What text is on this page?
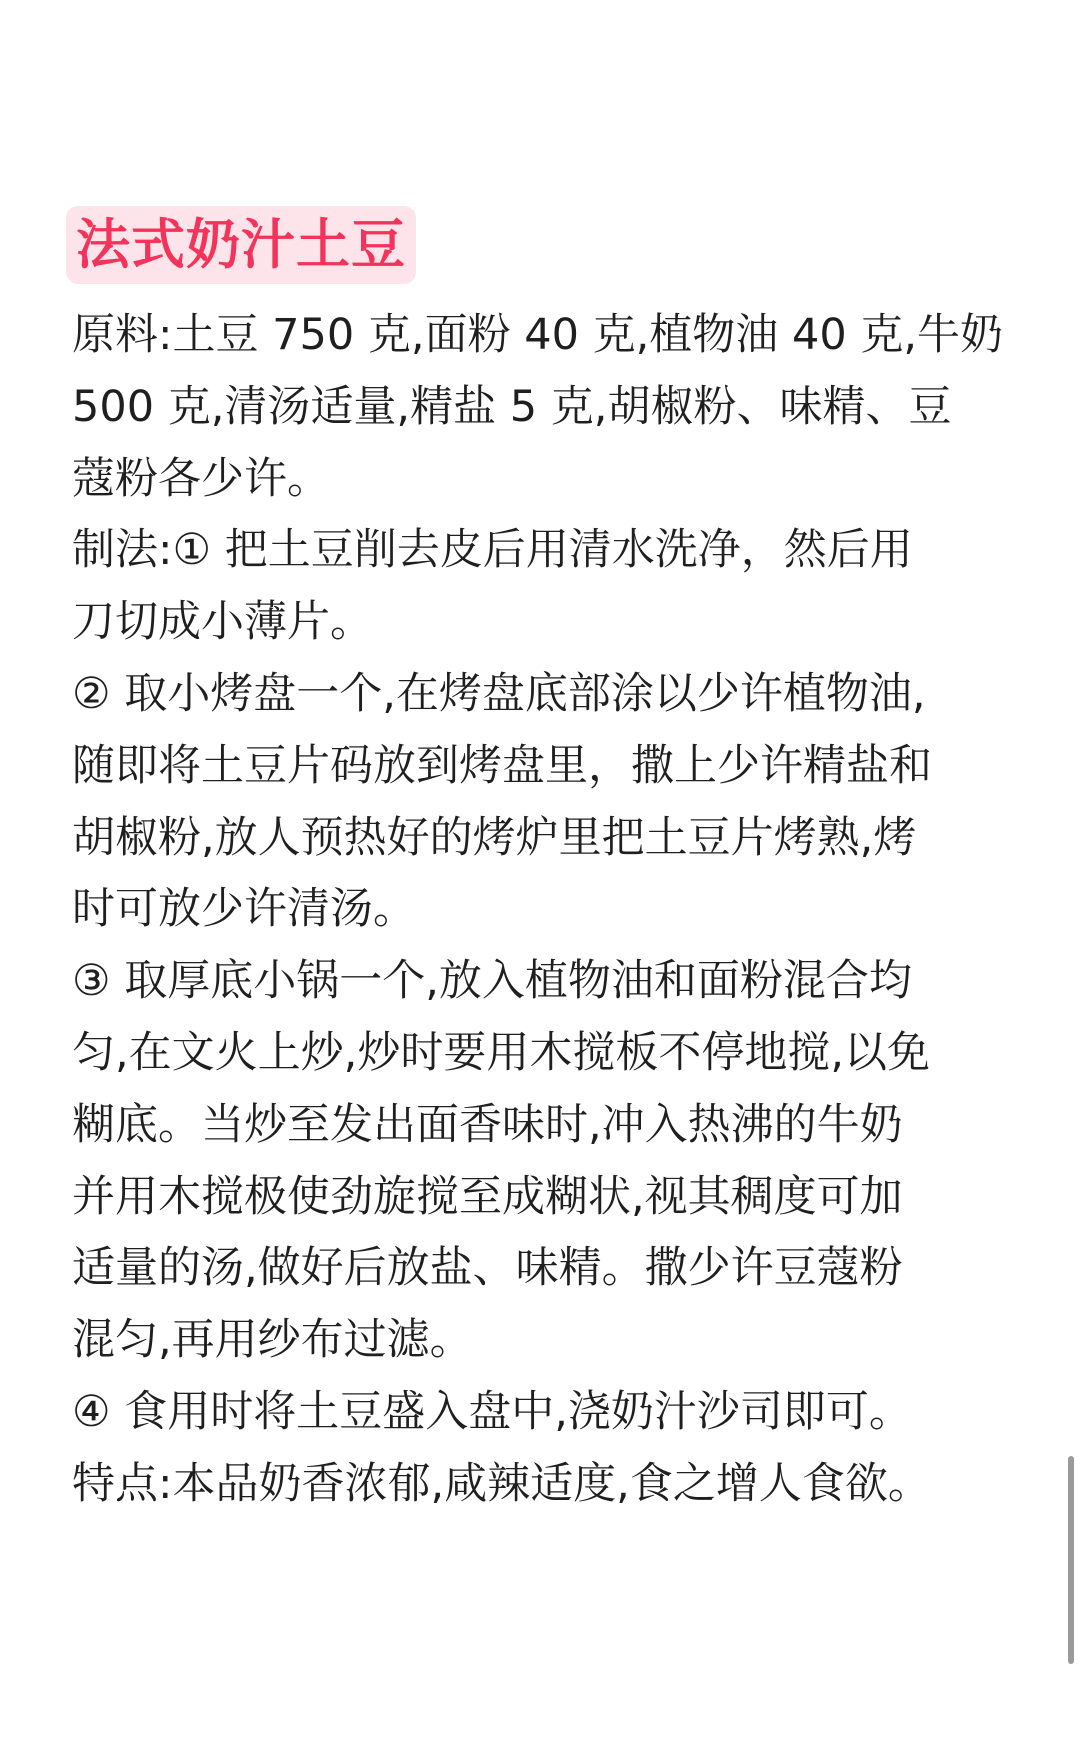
法式奶汁土豆
原料:土豆 750 克,面粉 40 克,植物油 40 克,牛奶
500 克,清汤适量,精盐 5 克,胡椒粉、味精、豆
蔻粉各少许。
制法:① 把土豆削去皮后用清水洗净，然后用
刀切成小薄片。
② 取小烤盘一个,在烤盘底部涂以少许植物油,
随即将土豆片码放到烤盘里，撒上少许精盐和
胡椒粉,放人预热好的烤炉里把土豆片烤熟,烤
时可放少许清汤。
③ 取厚底小锅一个,放入植物油和面粉混合均
匀,在文火上炒,炒时要用木搅板不停地搅,以免
糊底。当炒至发出面香味时,冲入热沸的牛奶
并用木搅极使劲旋搅至成糊状,视其稠度可加
适量的汤,做好后放盐、味精。撒少许豆蔻粉
混匀,再用纱布过滤。
④ 食用时将土豆盛入盘中,浇奶汁沙司即可。
特点:本品奶香浓郁,咸辣适度,食之增人食欲。
